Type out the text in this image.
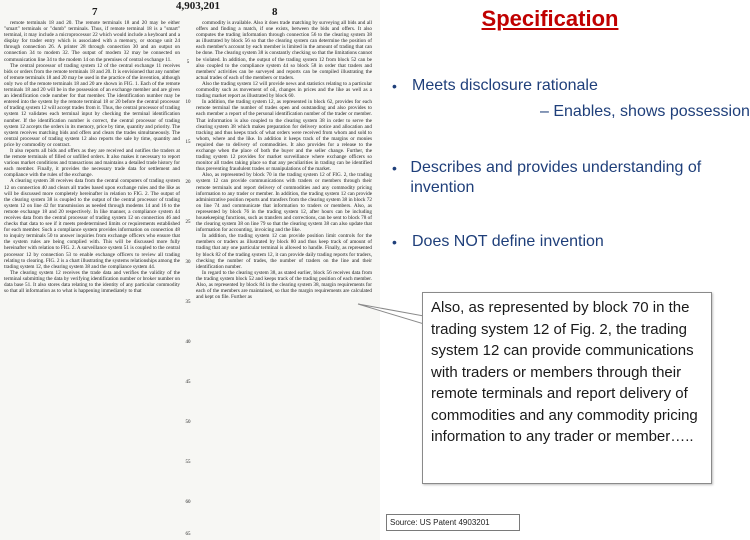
7	4,903,201	8

remote terminals 18 and 20. The remote terminals 18 and 20 may be either "smart" terminals or "dumb" terminals. Thus, if remote terminal 18 is a "smart" terminal, it may include a microprocessor 22 which would include a keyboard and a display for trader entry which is associated with a memory, or storage unit 24 through connection 26. A printer 28 through connection 30 and an output on connection 34 to modem 32. The output of modem 32 may be connected on communication line 34 to the modem 14 on the premises of central exchange 11.

The central processor of trading system 12 of the central exchange 11 receives bids or orders from the remote terminals 18 and 20. It is envisioned that any number of remote terminals 18 and 20 may be used in the practice of the invention, although only two of the remote terminals 18 and 20 are shown in FIG. 1. Each of the remote terminals 18 and 20 will be in the possession of an exchange member and are given an identification code number for that member. The identification number may be entered into the system by the remote terminal 18 or 20 before the central processor of trading system 12 will accept trades from it. Thus, the central processor of trading system 12 validates each terminal input by checking the terminal identification number. If the identification number is correct, the central processor of trading system 12 accepts the orders in its memory, price by time, quantity and priority. The system receives matching bids and offers and clears the trades simultaneously. The central processor of trading system 12 also reports the sale by time, quantity and price by commodity or contract.

It also reports all bids and offers as they are received and notifies the traders at the remote terminals of filled or unfilled orders. It also makes it necessary to report various market conditions and transactions and maintains a detailed trade history for each member. Finally, it provides the necessary trade data for settlement and compliance with the rules of the exchange.

A clearing system 38 receives data from the central computers of trading system 12 on connection 40 and clears all trades based upon exchange rules and the like as will be discussed more completely hereinafter in relation to FIG. 2. The output of the clearing system 38 is coupled to the output of the central processor of trading system 12 on line 42 for transmission as needed through modems 14 and 16 to the remote exchange 18 and 20 respectively. In like manner, a compliance system 44 receives data from the central processor of trading system 12 on connection 46 and checks that data to see if it meets predetermined limits or requirements established for each member. Such a compliance system provides information on connection 48 to inquiry terminals 50 to answer inquiries from exchange officers who ensure that the system rules are being complied with. This will be discussed more fully hereinafter with relation to FIG. 2. A surveillance system 51 is coupled to the central processor 12 by connection 53 to enable exchange officers to review all trading relating to clearing. FIG. 2 is a chart illustrating the systems relationships among the trading system 12, the clearing system 38 and the compliance system 44.

The clearing system 12 receives the trade data and verifies the validity of the terminal submitting the data by verifying identification number or broker number on data base 51. It also stores data relating to the identity of any particular commodity so that all information as to what is happening immediately to that

5
10
15
20
25
30
35
40
45
50
55
60
65

commodity is available. Also it does trade matching by surveying all bids and all offers and finding a match, if one exists, between the bids and offers. It also computes the trading information through connection 56 to the clearing system 38 as illustrated by block 56 so that the clearing system can determine the position of each member's account by each member is limited in the amount of trading that can be done. The clearing system 38 is constantly checking so that the limitations cannot be violated. In addition, the output of the trading system 12 from block 52 can be also coupled to the compliance system 44 so block 58 in order that traders and members' activities can be surveyed and reports can be compiled illustrating the actual trades of each of the members or traders.

Also the trading system 12 will provide news and statistics relating to a particular commodity such as movement of oil, changes in prices and the like as well as a trading market report as illustrated by block 60.

In addition, the trading system 12, as represented in block 62, provides for each remote terminal the number of trades open and outstanding and also provides to each member a report of the personal identification number of the trader or member. That information is also coupled to the clearing system 38 in order to serve the clearing system 38 which makes preparation for delivery notice and allocation and tracking and thus keeps track of what orders were received from whom and sold to whom, where and the like. In addition it keeps track of the margins or monies required due to delivery of commodities. It also provides for a release to the exchange when the place of both the buyer and the seller change. Further, the trading system 12 provides for market surveillance where exchange officers so monitor all trades taking place so that any peculiarities in trading can be identified thus preventing fraudulent trades or manipulations of the market.

Also, as represented by block 70 in the trading system 12 of FIG. 2, the trading system 12 can provide communications with traders or members through their remote terminals and report delivery of commodities and any commodity pricing information to any trader or member. In addition, the trading system 12 can provide administrative position reports and transfers from the clearing system 38 in block 72 on line 74 and communicate that information to traders or members. Also, as represented by block 76 in the trading system 12, after hours can be including housekeeping functions, such as transfers and corrections, can be sent to block 78 of the clearing system 38 on line 79 so that the clearing system 38 can also update that information for accounting, invoicing and the like.

In addition, the trading system 12 can provide position limit controls for the members or traders as illustrated by block 80 and thus keep track of amount of trading that any one particular terminal is allowed to handle. Finally, as represented by block 82 of the trading system 12, it can provide daily trading reports for traders, checking the number of trades, the number of traders on the line and their identification number.

In regard to the clearing system 38, as stated earlier, block 56 receives data from the trading system block 52 and keeps track of the trading position of each member. Also, as represented by block 84 in the clearing system 38, margin requirements for each of the members are maintained, so that the margin requirements are calculated and kept on file. Further as

Specification
• Meets disclosure rationale
– Enables, shows possession
• Describes and provides understanding of invention
• Does NOT define invention
Also, as represented by block 70 in the trading system 12 of Fig. 2, the trading system 12 can provide communications with traders or members through their remote terminals and report delivery of commodities and any commodity pricing information to any trader or member…..
Source: US Patent 4903201
